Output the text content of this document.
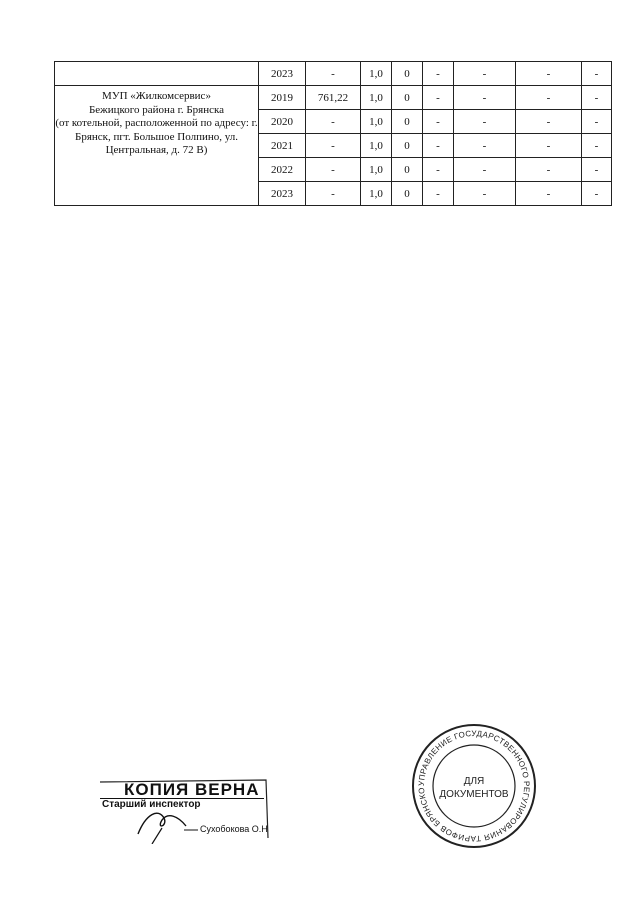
	2023	-	1,0	0	-	-	-	-

МУП «Жилкомсервис»
Бежицкого района г. Брянска
(от котельной, расположенной по адресу: г.
Брянск, пгт. Большое Полпино, ул.
Центральная, д. 72 В)	2019	761,22	1,0	0	-	-	-	-
	2020	-	1,0	0	-	-	-	-
	2021	-	1,0	0	-	-	-	-
	2022	-	1,0	0	-	-	-	-
	2023	-	1,0	0	-	-	-	-
КОПИЯ ВЕРНА
Старший инспектор
Сухобокова О.Н
УПРАВЛЕНИЕ ГОСУДАРСТВЕННОГО РЕГУЛИРОВАНИЯ ТАРИФОВ БРЯНСКО
ДЛЯ
ДОКУМЕНТОВ
